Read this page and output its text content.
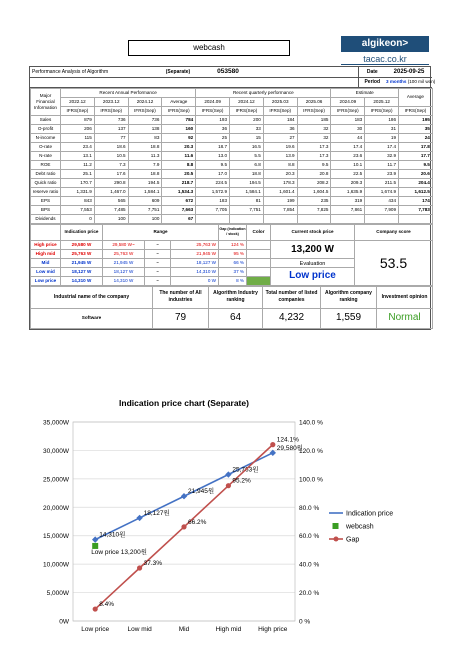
webcash	algikeon>
tacac.co.kr
Performance Analysis of Algorithm	(Separate)	053580		Date	2025-09-25
				Period	3 months (100 mil won)
Major Financial Information	Recent Annual Performance				Recent quarterly performance				Estimate		Average
	2022.12	2023.12	2024.12	Average	2024.09	2024.12	2025.03	2025.06	2024.09	2025.12	
	IFRS(Sep)	IFRS(Sep)	IFRS(Sep)	IFRS(Sep)	IFRS(Sep)	IFRS(Sep)	IFRS(Sep)	IFRS(Sep)	IFRS(Sep)	IFRS(Sep)	IFRS(Sep)
Sales	879	736	736	784	193	200	184	185	183	186	195
O-profit	206	137	138	160	36	33	36	32	30	31	35
N-income	115	77	83	92	25	15	27	32	44	19	24
O-rate	23.4	18.6	18.8	20.3	18.7	16.5	19.6	17.3	17.4	17.4	17.8
N-rate	13.1	10.5	11.3	11.6	13.0	5.5	13.9	17.3	23.6	32.9	17.7
ROE	11.2	7.3	7.9	8.8	9.5	6.8	8.8	9.5	10.1	11.7	9.5
Debt ratio	25.1	17.6	18.8	20.5	17.0	18.8	20.3	20.8	22.5	23.9	20.6
Quick ratio	170.7	290.8	194.5	218.7	224.5	194.5	178.3	208.2	209.3	211.5	204.4
reserve ratio	1,331.9	1,467.0	1,584.1	1,534.3	1,572.9	1,584.1	1,601.4	1,604.5	1,635.9	1,674.9	1,612.5
EPS	843	565	609	672	183	81	199	235	319	434	174
BPS	7,553	7,485	7,751	7,663	7,705	7,751	7,854	7,825	7,861	7,909	7,783
Dividends	0	100	100	67							
	Indication price	Range			Gap (Indication / stock)	Color	Current stock price	Company score
High price	29,580 W	29,580 W~	~	25,763 W	124 %		13,200 W
Evaluation
Low price	53.5
High mid	25,763 W	25,763 W	~	21,945 W	95 %			
Mid	21,945 W	21,945 W	~	18,127 W	66 %			
Low mid	18,127 W	18,127 W	~	14,310 W	37 %			
Low price	14,310 W	14,310 W	~	0 W	8 %			
Industrial name of the company	The number of All industries	Algorithm Industry ranking	Total number of listed companies	Algorithm company ranking	Investment opinion
Software	79	64	4,232	1,559	Normal
Indication price chart (Separate)
0W
5,000W
10,000W
15,000W
20,000W
25,000W
30,000W
35,000W
0 %
20.0 %
40.0 %
60.0 %
80.0 %
100.0 %
120.0 %
140.0 %
Low price	Low mid	Mid	High mid	High price
14,310원
18,127원
21,945원
25,763원
29,580원
Indication price
Low price 13,200원
webcash
8.4%
37.3%
66.2%
95.2%
124.1%
Gap
